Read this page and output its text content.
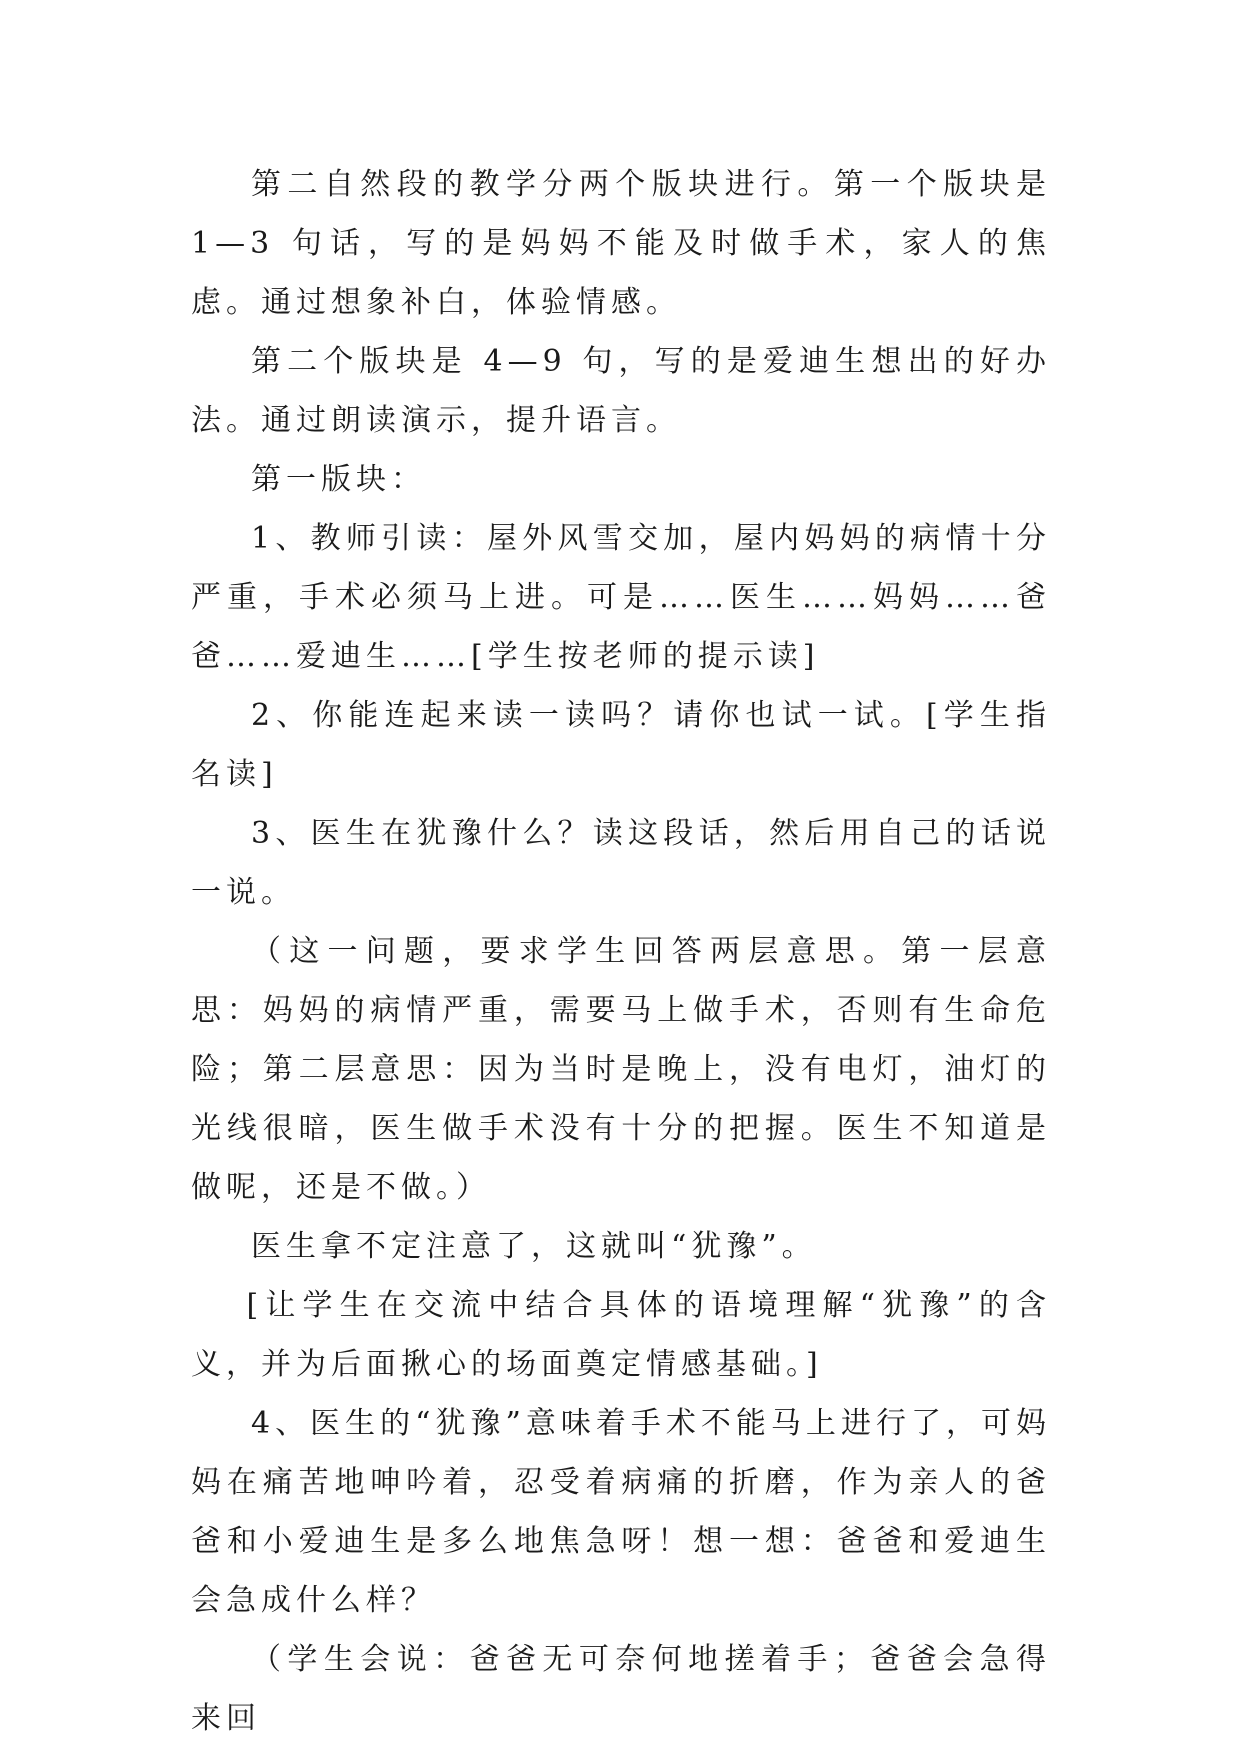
第二自然段的教学分两个版块进行。第一个版块是 1—3 句话，写的是妈妈不能及时做手术，家人的焦虑。通过想象补白，体验情感。

第二个版块是 4—9 句，写的是爱迪生想出的好办法。通过朗读演示，提升语言。

第一版块：

1、教师引读：屋外风雪交加，屋内妈妈的病情十分严重，手术必须马上进。可是……医生……妈妈……爸爸……爱迪生……[学生按老师的提示读]

2、你能连起来读一读吗？请你也试一试。[学生指名读]

3、医生在犹豫什么？读这段话，然后用自己的话说一说。

（这一问题，要求学生回答两层意思。第一层意思：妈妈的病情严重，需要马上做手术，否则有生命危险；第二层意思：因为当时是晚上，没有电灯，油灯的光线很暗，医生做手术没有十分的把握。医生不知道是做呢，还是不做。）

医生拿不定注意了，这就叫“犹豫”。

[让学生在交流中结合具体的语境理解“犹豫”的含义，并为后面揪心的场面奠定情感基础。]

4、医生的“犹豫”意味着手术不能马上进行了，可妈妈在痛苦地呻吟着，忍受着病痛的折磨，作为亲人的爸爸和小爱迪生是多么地焦急呀！想一想：爸爸和爱迪生会急成什么样？

（学生会说：爸爸无可奈何地搓着手；爸爸会急得来回
